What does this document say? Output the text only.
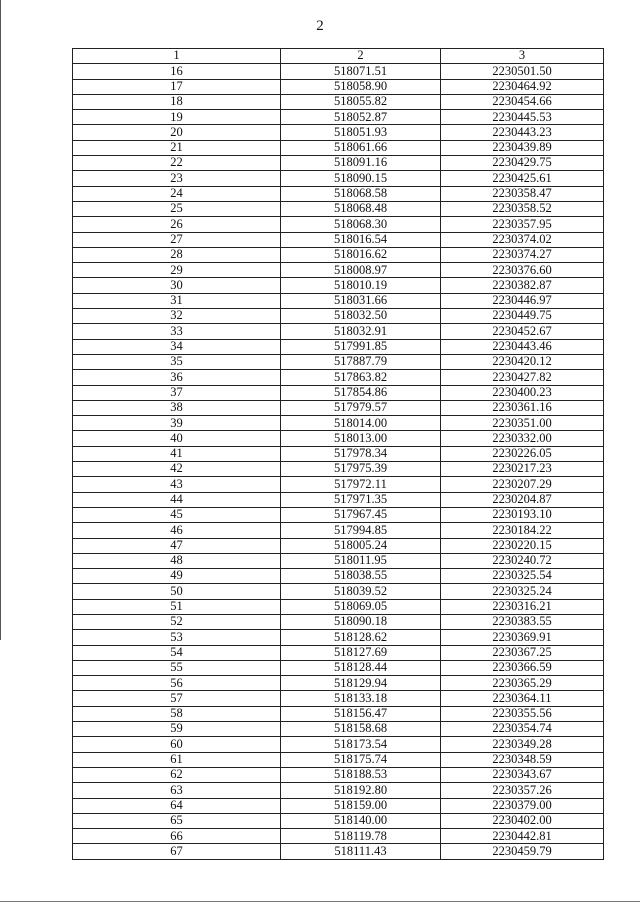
2
1	2	3
16	518071.51	2230501.50
17	518058.90	2230464.92
18	518055.82	2230454.66
19	518052.87	2230445.53
20	518051.93	2230443.23
21	518061.66	2230439.89
22	518091.16	2230429.75
23	518090.15	2230425.61
24	518068.58	2230358.47
25	518068.48	2230358.52
26	518068.30	2230357.95
27	518016.54	2230374.02
28	518016.62	2230374.27
29	518008.97	2230376.60
30	518010.19	2230382.87
31	518031.66	2230446.97
32	518032.50	2230449.75
33	518032.91	2230452.67
34	517991.85	2230443.46
35	517887.79	2230420.12
36	517863.82	2230427.82
37	517854.86	2230400.23
38	517979.57	2230361.16
39	518014.00	2230351.00
40	518013.00	2230332.00
41	517978.34	2230226.05
42	517975.39	2230217.23
43	517972.11	2230207.29
44	517971.35	2230204.87
45	517967.45	2230193.10
46	517994.85	2230184.22
47	518005.24	2230220.15
48	518011.95	2230240.72
49	518038.55	2230325.54
50	518039.52	2230325.24
51	518069.05	2230316.21
52	518090.18	2230383.55
53	518128.62	2230369.91
54	518127.69	2230367.25
55	518128.44	2230366.59
56	518129.94	2230365.29
57	518133.18	2230364.11
58	518156.47	2230355.56
59	518158.68	2230354.74
60	518173.54	2230349.28
61	518175.74	2230348.59
62	518188.53	2230343.67
63	518192.80	2230357.26
64	518159.00	2230379.00
65	518140.00	2230402.00
66	518119.78	2230442.81
67	518111.43	2230459.79
